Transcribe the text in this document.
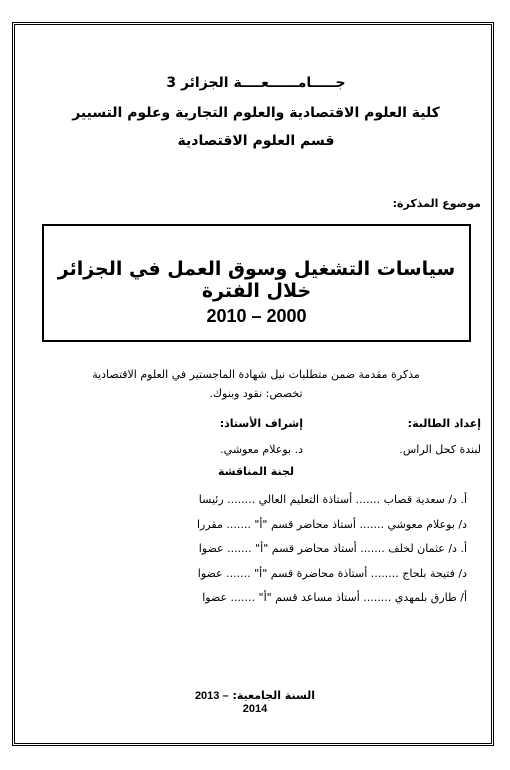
جـــــامــــــعــــة الجزائر 3
كلية العلوم الاقتصادية والعلوم التجارية وعلوم التسيير
قسم العلوم الاقتصادية
موضوع المذكرة:
سياسات التشغيل وسوق العمل في الجزائر خلال الفترة
2010 – 2000
مذكرة مقدمة ضمن متطلبات نيل شهادة الماجستير في العلوم الاقتصادية
تخصص: نقود وبنوك.
إعداد الطالبة:
إشراف الأستاذ:
لبندة كحل الراس.
د. بوعلام معوشي.
لجنة المناقشة
أ. د/ سعدية قصاب ....... أستاذة التعليم العالي ........ رئيسا
د/ بوعلام معوشي ....... أستاذ محاضر قسم "أ" ....... مقررا
أ. د/ عثمان لخلف ....... أستاذ محاضر قسم "أ" ....... عضوا
د/ فتيحة بلحاج ........ أستاذة محاضرة قسم "أ" ....... عضوا
أ/ طارق بلمهدي ........ أستاذ مساعد قسم "أ" ....... عضوا
السنة الجامعية: 2013 – 2014
